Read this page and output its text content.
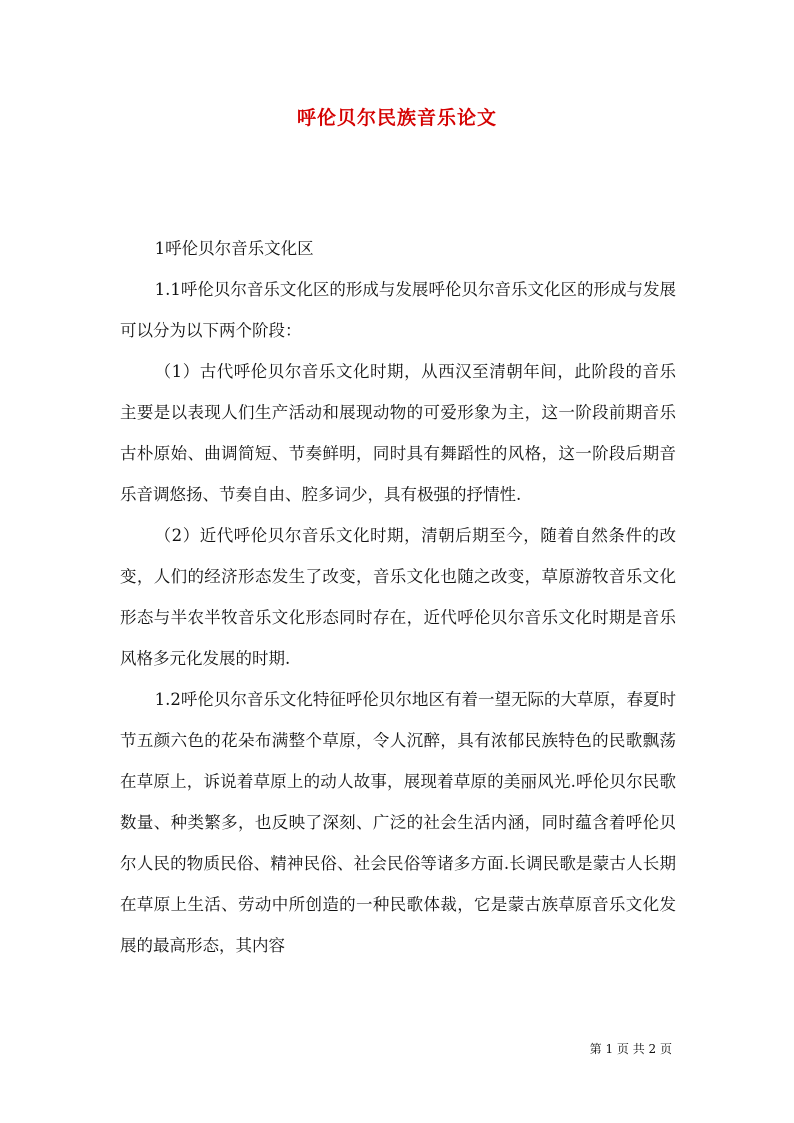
呼伦贝尔民族音乐论文

1呼伦贝尔音乐文化区

1.1呼伦贝尔音乐文化区的形成与发展呼伦贝尔音乐文化区的形成与发展可以分为以下两个阶段：

（1）古代呼伦贝尔音乐文化时期，从西汉至清朝年间，此阶段的音乐主要是以表现人们生产活动和展现动物的可爱形象为主，这一阶段前期音乐古朴原始、曲调简短、节奏鲜明，同时具有舞蹈性的风格，这一阶段后期音乐音调悠扬、节奏自由、腔多词少，具有极强的抒情性.

（2）近代呼伦贝尔音乐文化时期，清朝后期至今，随着自然条件的改变，人们的经济形态发生了改变，音乐文化也随之改变，草原游牧音乐文化形态与半农半牧音乐文化形态同时存在，近代呼伦贝尔音乐文化时期是音乐风格多元化发展的时期.

1.2呼伦贝尔音乐文化特征呼伦贝尔地区有着一望无际的大草原，春夏时节五颜六色的花朵布满整个草原，令人沉醉，具有浓郁民族特色的民歌飘荡在草原上，诉说着草原上的动人故事，展现着草原的美丽风光.呼伦贝尔民歌数量、种类繁多，也反映了深刻、广泛的社会生活内涵，同时蕴含着呼伦贝尔人民的物质民俗、精神民俗、社会民俗等诸多方面.长调民歌是蒙古人长期在草原上生活、劳动中所创造的一种民歌体裁，它是蒙古族草原音乐文化发展的最高形态，其内容

第 1 页 共 2 页
